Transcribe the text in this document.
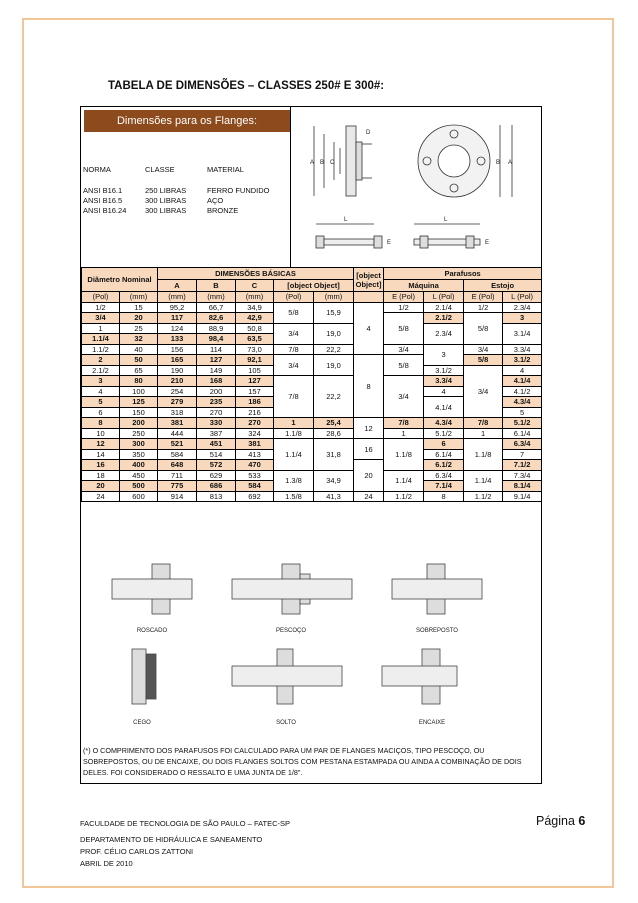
TABELA DE DIMENSÕES – CLASSES 250# E 300#:
Dimensões para os Flanges:
NORMA	CLASSE	MATERIAL
ANSI B16.1	250 LIBRAS	FERRO FUNDIDO
ANSI B16.5	300 LIBRAS	AÇO
ANSI B16.24	300 LIBRAS	BRONZE
A B C
D
B A
L
E
L
E
Diâmetro Nominal		DIMENSÕES BÁSICAS					[object Object]	Parafusos			
		A	B	C	[object Object]			Máquina		Estojo	
(Pol)	(mm)	(mm)	(mm)	(mm)	(Pol)	(mm)		E (Pol)	L (Pol)	E (Pol)	L (Pol)
1/2	15	95,2	66,7	34,9	5/8	15,9	4	1/2	2.1/4	1/2	2.3/4
3/4	20	117	82,6	42,9				5/8	2.1/2	5/8	3
1	25	124	88,9	50,8	3/4	19,0			2.3/4		3.1/4
1.1/4	32	133	98,4	63,5							
1.1/2	40	156	114	73,0	7/8	22,2		3/4	3	3/4	3.3/4
2	50	165	127	92,1	3/4	19,0	8	5/8		5/8	3.1/2
2.1/2	65	190	149	105					3.1/2	3/4	4
3	80	210	168	127	7/8	22,2		3/4	3.3/4		4.1/4
4	100	254	200	157					4		4.1/2
5	125	279	235	186					4.1/4		4.3/4
6	150	318	270	216							5
8	200	381	330	270	1	25,4	12	7/8	4.3/4	7/8	5.1/2
10	250	444	387	324	1.1/8	28,6		1	5.1/2	1	6.1/4
12	300	521	451	381	1.1/4	31,8	16	1.1/8	6	1.1/8	6.3/4
14	350	584	514	413					6.1/4		7
16	400	648	572	470			20		6.1/2		7.1/2
18	450	711	629	533	1.3/8	34,9		1.1/4	6.3/4	1.1/4	7.3/4
20	500	775	686	584					7.1/4		8.1/4
24	600	914	813	692	1.5/8	41,3	24	1.1/2	8	1.1/2	9.1/4
ROSCADO	PESCOÇO	SOBREPOSTO
CEGO	SOLTO	ENCAIXE
(*) O COMPRIMENTO DOS PARAFUSOS FOI CALCULADO PARA UM PAR DE FLANGES MACIÇOS, TIPO PESCOÇO, OU SOBREPOSTOS, OU DE ENCAIXE, OU DOIS FLANGES SOLTOS COM PESTANA ESTAMPADA OU AINDA A COMBINAÇÃO DE DOIS DELES. FOI CONSIDERADO O RESSALTO E UMA JUNTA DE 1/8".
FACULDADE DE TECNOLOGIA DE SÃO PAULO – FATEC-SP
DEPARTAMENTO DE HIDRÁULICA E SANEAMENTO
PROF. CÉLIO CARLOS ZATTONI
ABRIL DE 2010
Página 6
